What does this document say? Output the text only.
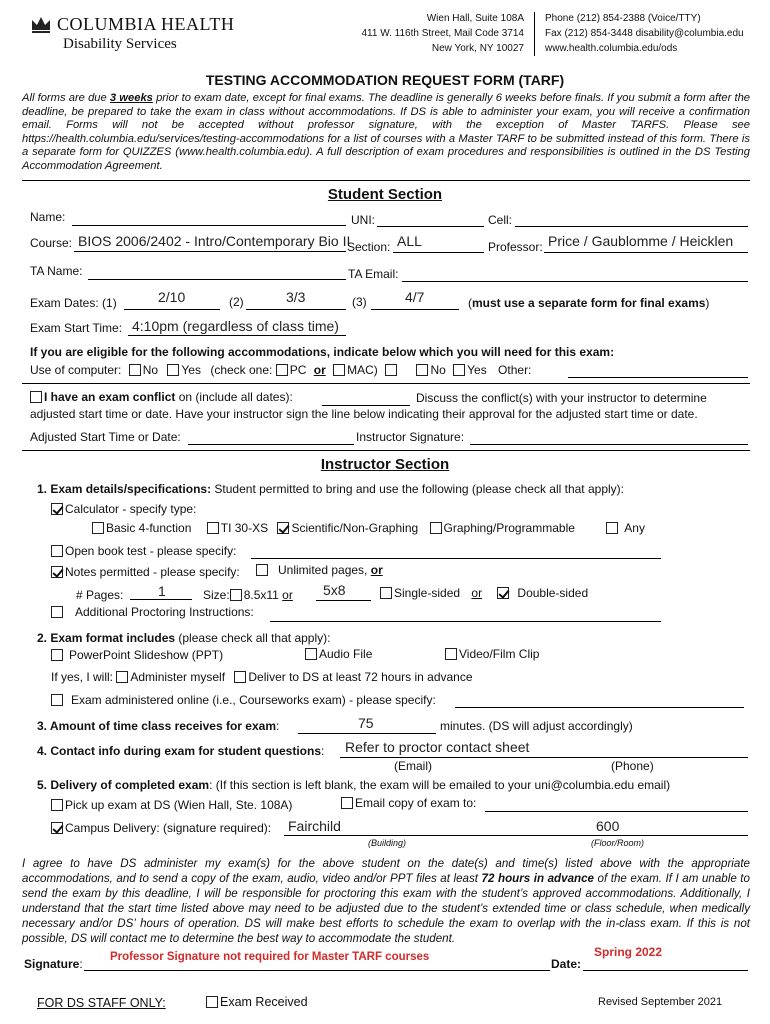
COLUMBIA HEALTH
Disability Services
Wien Hall, Suite 108A
411 W. 116th Street, Mail Code 3714
New York, NY 10027
Phone (212) 854-2388 (Voice/TTY)
Fax (212) 854-3448 disability@columbia.edu
www.health.columbia.edu/ods
TESTING ACCOMMODATION REQUEST FORM (TARF)
All forms are due 3 weeks prior to exam date, except for final exams. The deadline is generally 6 weeks before finals. If you submit a form after the deadline, be prepared to take the exam in class without accommodations. If DS is able to administer your exam, you will receive a confirmation email. Forms will not be accepted without professor signature, with the exception of Master TARFS. Please see https://health.columbia.edu/services/testing-accommodations for a list of courses with a Master TARF to be submitted instead of this form. There is a separate form for QUIZZES (www.health.columbia.edu). A full description of exam procedures and responsibilities is outlined in the DS Testing Accommodation Agreement.
Student Section
Name:	UNI:	Cell:
Course: BIOS 2006/2402 - Intro/Contemporary Bio II
Section: ALL	Professor: Price / Gaublomme / Heicklen
TA Name:	TA Email:
Exam Dates: (1)	2/10	(2)	3/3	(3)	4/7	(must use a separate form for final exams)
Exam Start Time: 4:10pm (regardless of class time)
If you are eligible for the following accommodations, indicate below which you will need for this exam:
Use of computer: No Yes (check one: PC or MAC)	No Yes Other:
I have an exam conflict on (include all dates):	Discuss the conflict(s) with your instructor to determine
adjusted start time or date. Have your instructor sign the line below indicating their approval for the adjusted start time or date.
Adjusted Start Time or Date:	Instructor Signature:
Instructor Section
1. Exam details/specifications: Student permitted to bring and use the following (please check all that apply):
Calculator - specify type:
Basic 4-function TI 30-XS Scientific/Non-Graphing Graphing/Programmable	Any
Open book test - please specify:
Notes permitted - please specify:	Unlimited pages, or
# Pages: 1	Size: 8.5x11 or 5x8	Single-sided or	Double-sided
Additional Proctoring Instructions:
2. Exam format includes (please check all that apply):
PowerPoint Slideshow (PPT)	Audio File	Video/Film Clip
If yes, I will: Administer myself Deliver to DS at least 72 hours in advance
Exam administered online (i.e., Courseworks exam) - please specify:
3. Amount of time class receives for exam:	75	minutes. (DS will adjust accordingly)
4. Contact info during exam for student questions: Refer to proctor contact sheet
(Email)	(Phone)
5. Delivery of completed exam: (If this section is left blank, the exam will be emailed to your uni@columbia.edu email)
Pick up exam at DS (Wien Hall, Ste. 108A)	Email copy of exam to:
Campus Delivery: (signature required): Fairchild	600
(Building)	(Floor/Room)
I agree to have DS administer my exam(s) for the above student on the date(s) and time(s) listed above with the appropriate accommodations, and to send a copy of the exam, audio, video and/or PPT files at least 72 hours in advance of the exam. If I am unable to send the exam by this deadline, I will be responsible for proctoring this exam with the student’s approved accommodations. Additionally, I understand that the start time listed above may need to be adjusted due to the student’s extended time or class schedule, when medically necessary and/or DS’ hours of operation. DS will make best efforts to schedule the exam to overlap with the in-class exam. If this is not possible, DS will contact me to determine the best way to accommodate the student.
Signature: Professor Signature not required for Master TARF courses	Date:
Spring 2022
FOR DS STAFF ONLY:	Exam Received	Revised September 2021
